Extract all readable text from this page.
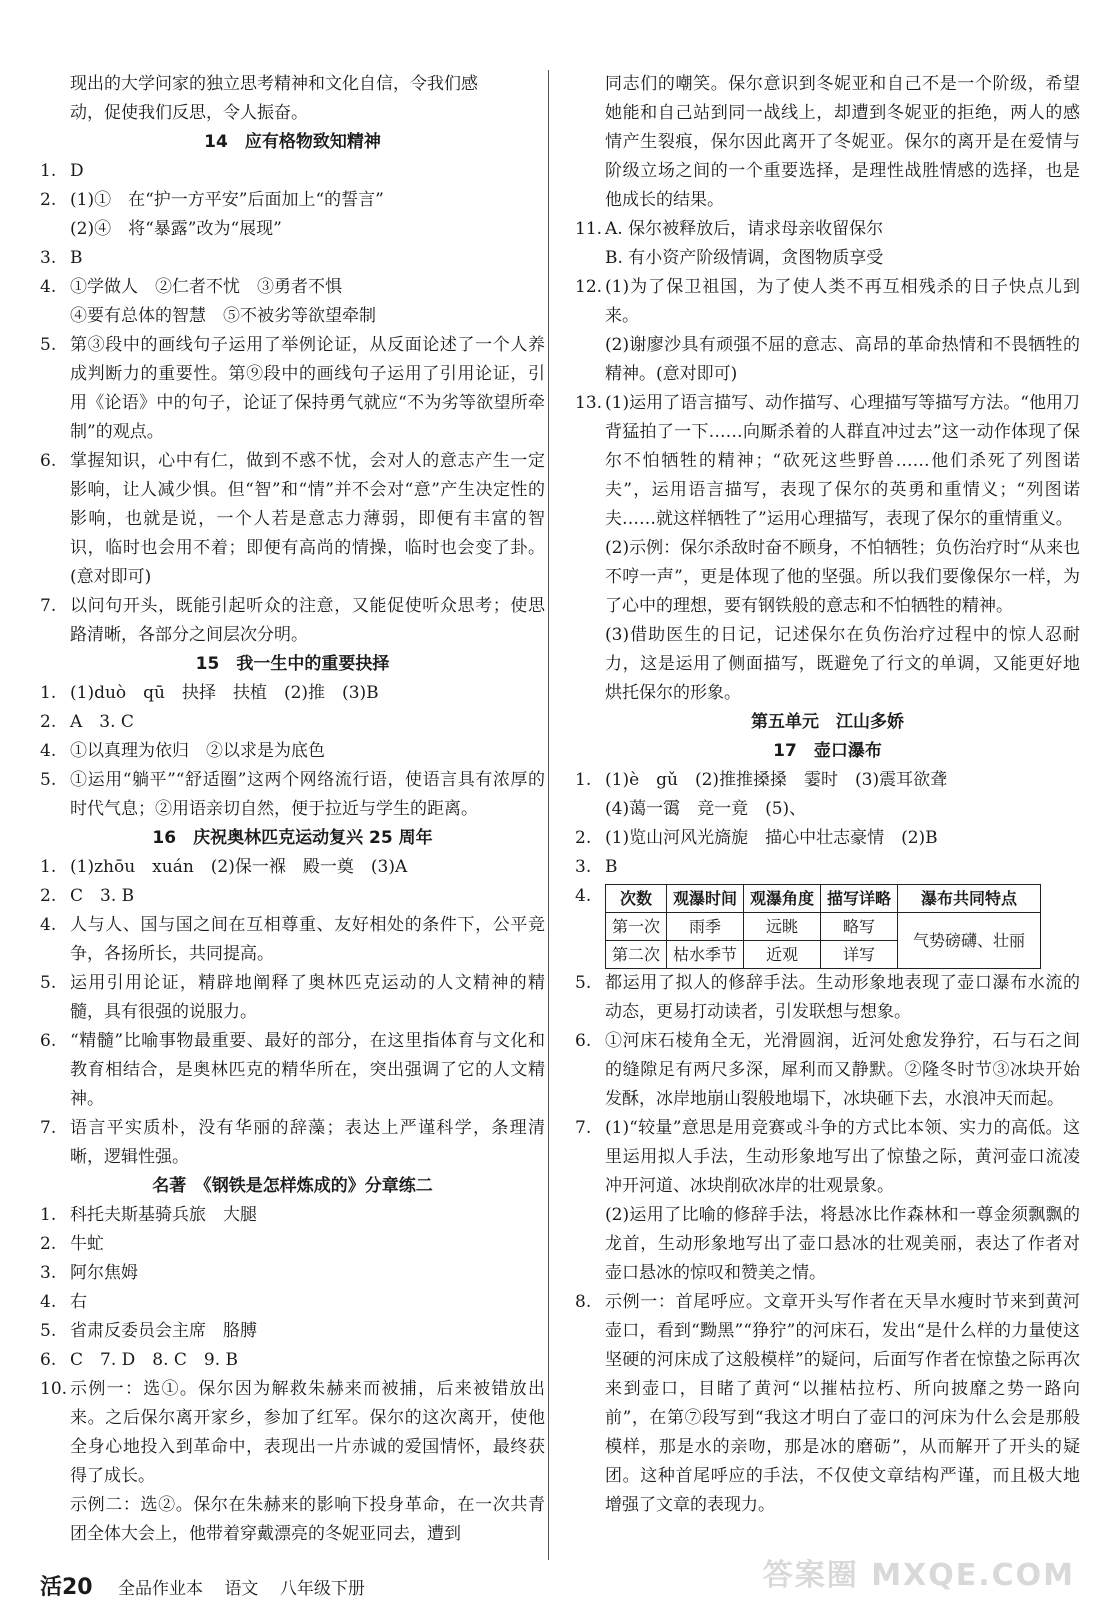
现出的大学问家的独立思考精神和文化自信，令我们感

动，促使我们反思，令人振奋。

14　应有格物致知精神

1. D
2. (1)①　在“护一方平安”后面加上“的誓言”

(2)④　将“暴露”改为“展现”

3. B
4. ①学做人　②仁者不忧　③勇者不惧

④要有总体的智慧　⑤不被劣等欲望牵制

5. 第③段中的画线句子运用了举例论证，从反面论述了一个人养成判断力的重要性。第⑨段中的画线句子运用了引用论证，引用《论语》中的句子，论证了保持勇气就应“不为劣等欲望所牵制”的观点。
6. 掌握知识，心中有仁，做到不惑不忧，会对人的意志产生一定影响，让人减少惧。但“智”和“情”并不会对“意”产生决定性的影响，也就是说，一个人若是意志力薄弱，即便有丰富的智识，临时也会用不着；即便有高尚的情操，临时也会变了卦。(意对即可)
7. 以问句开头，既能引起听众的注意，又能促使听众思考；使思路清晰，各部分之间层次分明。

15　我一生中的重要抉择

1. (1)duò　qū　抉择　扶植　(2)推　(3)B
2. A　3. C
4. ①以真理为依归　②以求是为底色
5. ①运用“躺平”“舒适圈”这两个网络流行语，使语言具有浓厚的时代气息；②用语亲切自然，便于拉近与学生的距离。

16　庆祝奥林匹克运动复兴 25 周年

1. (1)zhōu　xuán　(2)保一褓　殿一奠　(3)A
2. C　3. B
4. 人与人、国与国之间在互相尊重、友好相处的条件下，公平竞争，各扬所长，共同提高。
5. 运用引用论证，精辟地阐释了奥林匹克运动的人文精神的精髓，具有很强的说服力。
6. “精髓”比喻事物最重要、最好的部分，在这里指体育与文化和教育相结合，是奥林匹克的精华所在，突出强调了它的人文精神。
7. 语言平实质朴，没有华丽的辞藻；表达上严谨科学，条理清晰，逻辑性强。

名著　《钢铁是怎样炼成的》分章练二

1. 科托夫斯基骑兵旅　大腿
2. 牛虻
3. 阿尔焦姆
4. 右
5. 省肃反委员会主席　胳膊
6. C　7. D　8. C　9. B
10. 示例一：选①。保尔因为解救朱赫来而被捕，后来被错放出来。之后保尔离开家乡，参加了红军。保尔的这次离开，使他全身心地投入到革命中，表现出一片赤诚的爱国情怀，最终获得了成长。

示例二：选②。保尔在朱赫来的影响下投身革命，在一次共青团全体大会上，他带着穿戴漂亮的冬妮亚同去，遭到

同志们的嘲笑。保尔意识到冬妮亚和自己不是一个阶级，希望她能和自己站到同一战线上，却遭到冬妮亚的拒绝，两人的感情产生裂痕，保尔因此离开了冬妮亚。保尔的离开是在爱情与阶级立场之间的一个重要选择，是理性战胜情感的选择，也是他成长的结果。

11. A. 保尔被释放后，请求母亲收留保尔

B. 有小资产阶级情调，贪图物质享受

12. (1)为了保卫祖国，为了使人类不再互相残杀的日子快点儿到来。

(2)谢廖沙具有顽强不屈的意志、高昂的革命热情和不畏牺牲的精神。(意对即可)

13. (1)运用了语言描写、动作描写、心理描写等描写方法。“他用刀背猛拍了一下……向厮杀着的人群直冲过去”这一动作体现了保尔不怕牺牲的精神；“砍死这些野兽……他们杀死了列图诺夫”，运用语言描写，表现了保尔的英勇和重情义；“列图诺夫……就这样牺牲了”运用心理描写，表现了保尔的重情重义。

(2)示例：保尔杀敌时奋不顾身，不怕牺牲；负伤治疗时“从来也不哼一声”，更是体现了他的坚强。所以我们要像保尔一样，为了心中的理想，要有钢铁般的意志和不怕牺牲的精神。

(3)借助医生的日记，记述保尔在负伤治疗过程中的惊人忍耐力，这是运用了侧面描写，既避免了行文的单调，又能更好地烘托保尔的形象。

第五单元　江山多娇

17　壶口瀑布

1. (1)è　gǔ　(2)推推搡搡　霎时　(3)震耳欲聋

(4)蔼一霭　竞一竟　(5)、

2. (1)览山河风光旖旎　描心中壮志豪情　(2)B
3. B
4.	次数	观瀑时间	观瀑角度	描写详略	瀑布共同特点
第一次	雨季	远眺	略写	气势磅礴、壮丽
第二次	枯水季节	近观	详写	
5. 都运用了拟人的修辞手法。生动形象地表现了壶口瀑布水流的动态，更易打动读者，引发联想与想象。
6. ①河床石棱角全无，光滑圆润，近河处愈发狰狞，石与石之间的缝隙足有两尺多深，犀利而又静默。②隆冬时节③冰块开始发酥，冰岸地崩山裂般地塌下，冰块砸下去，水浪冲天而起。
7. (1)“较量”意思是用竞赛或斗争的方式比本领、实力的高低。这里运用拟人手法，生动形象地写出了惊蛰之际，黄河壶口流凌冲开河道、冰块削砍冰岸的壮观景象。

(2)运用了比喻的修辞手法，将悬冰比作森林和一尊金须飘飘的龙首，生动形象地写出了壶口悬冰的壮观美丽，表达了作者对壶口悬冰的惊叹和赞美之情。

8. 示例一：首尾呼应。文章开头写作者在天旱水瘦时节来到黄河壶口，看到“黝黑”“狰狞”的河床石，发出“是什么样的力量使这坚硬的河床成了这般模样”的疑问，后面写作者在惊蛰之际再次来到壶口，目睹了黄河“以摧枯拉朽、所向披靡之势一路向前”，在第⑦段写到“我这才明白了壶口的河床为什么会是那般模样，那是水的亲吻，那是冰的磨砺”，从而解开了开头的疑团。这种首尾呼应的手法，不仅使文章结构严谨，而且极大地增强了文章的表现力。
活20 全品作业本 语文 八年级下册	答案圈 MXQE.COM
